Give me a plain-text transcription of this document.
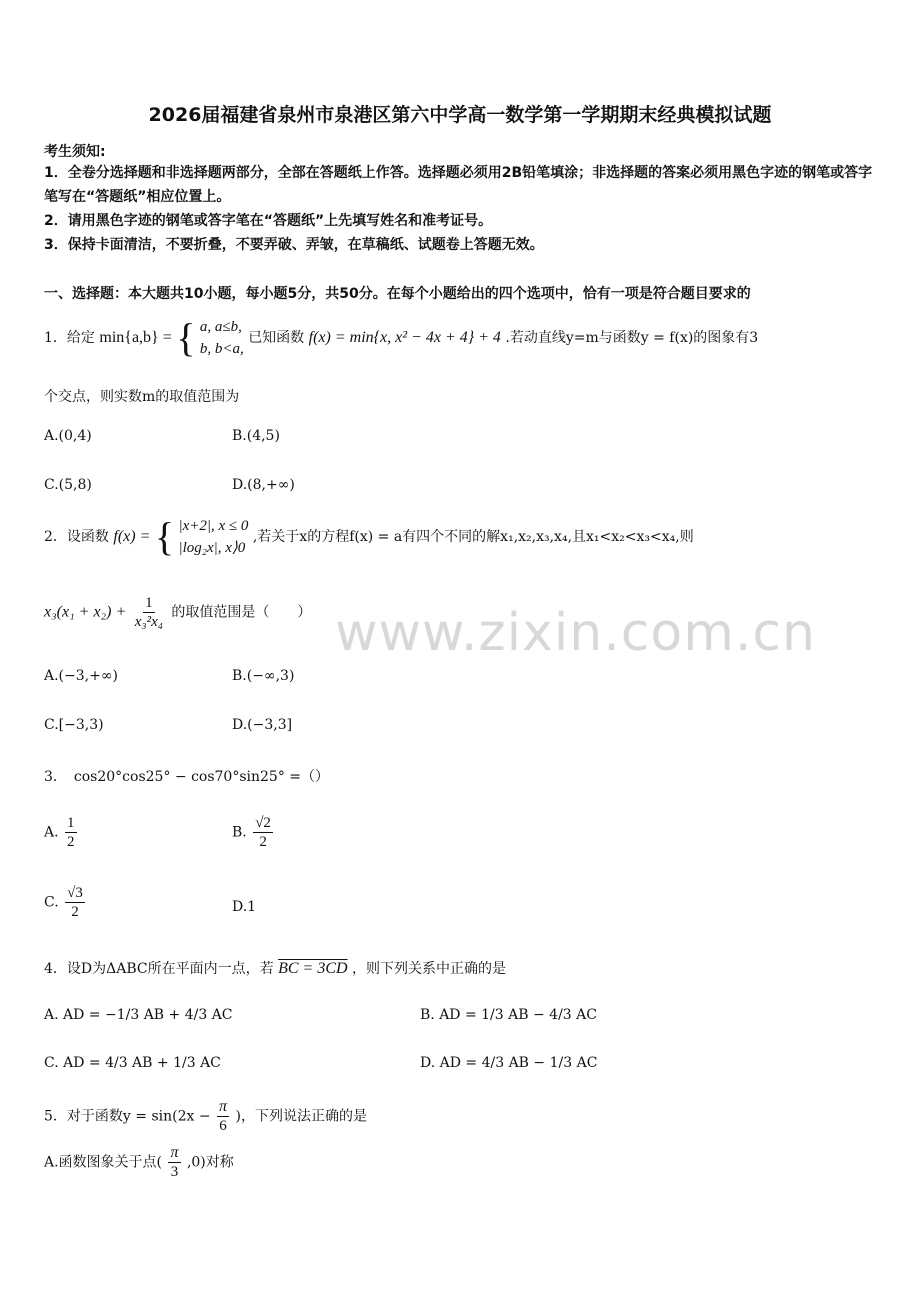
2026届福建省泉州市泉港区第六中学高一数学第一学期期末经典模拟试题
考生须知:
1．全卷分选择题和非选择题两部分，全部在答题纸上作答。选择题必须用2B铅笔填涂；非选择题的答案必须用黑色字迹的钢笔或答字笔写在“答题纸”相应位置上。
2．请用黑色字迹的钢笔或答字笔在“答题纸”上先填写姓名和准考证号。
3．保持卡面清洁，不要折叠，不要弄破、弄皱，在草稿纸、试题卷上答题无效。
一、选择题：本大题共10小题，每小题5分，共50分。在每个小题给出的四个选项中，恰有一项是符合题目要求的
1．给定 min{a,b} = { a, a≤b,
b, b<a,
已知函数 f(x) = min{x, x² − 4x + 4} + 4 .若动直线y=m与函数y = f(x)的图象有3
个交点，则实数m的取值范围为
A.(0,4)	B.(4,5)
C.(5,8)	D.(8,+∞)
2．设函数 f(x) = { |x+2|, x ≤ 0
|log₂x|, x⟩0
,若关于x的方程f(x) = a有四个不同的解x₁,x₂,x₃,x₄,且x₁<x₂<x₃<x₄,则
$x_3(x_1 + x_2) + \frac{1}{\text{x₃²x₄}}$ 的取值范围是（　　）
A.(−3,+∞)	B.(−∞,3)
C.[−3,3)	D.(−3,3]
3．　cos20°cos25° − cos70°sin25° =（）
A. $\frac{1}{2}$	B. $\frac{√2}{2}$
C. $\frac{√3}{2}$	D.1
4．设D为ΔABC所在平面内一点，若 BC = 3CD ，则下列关系中正确的是
A. AD = −1/3 AB + 4/3 AC	B. AD = 1/3 AB − 4/3 AC
C. AD = 4/3 AB + 1/3 AC	D. AD = 4/3 AB − 1/3 AC
5．对于函数$y = \sin(2x - \frac{\pi}{6}$ )，下列说法正确的是
A.函数图象关于点( $\frac{\pi}{3} ,0$)对称
www.zixin.com.cn
